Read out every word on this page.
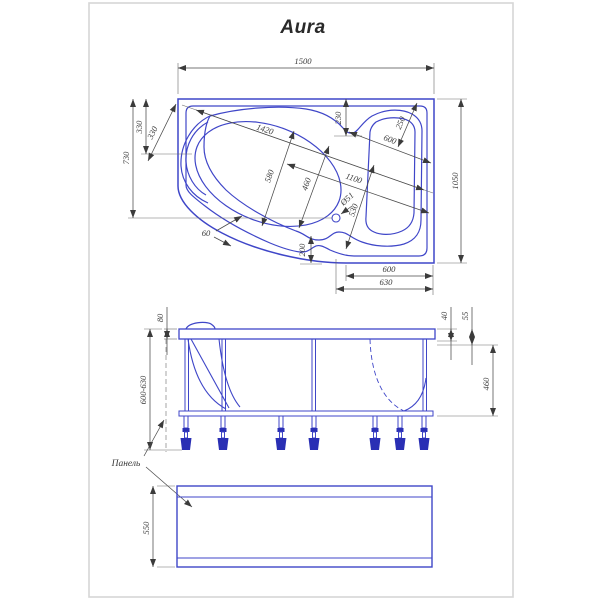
Aura
1500
1050
730
330 330
230	250
600
1420
1100
580
460
530
Ø51
60
200
600
630
80
600-630
40 55
460
Панель
550
